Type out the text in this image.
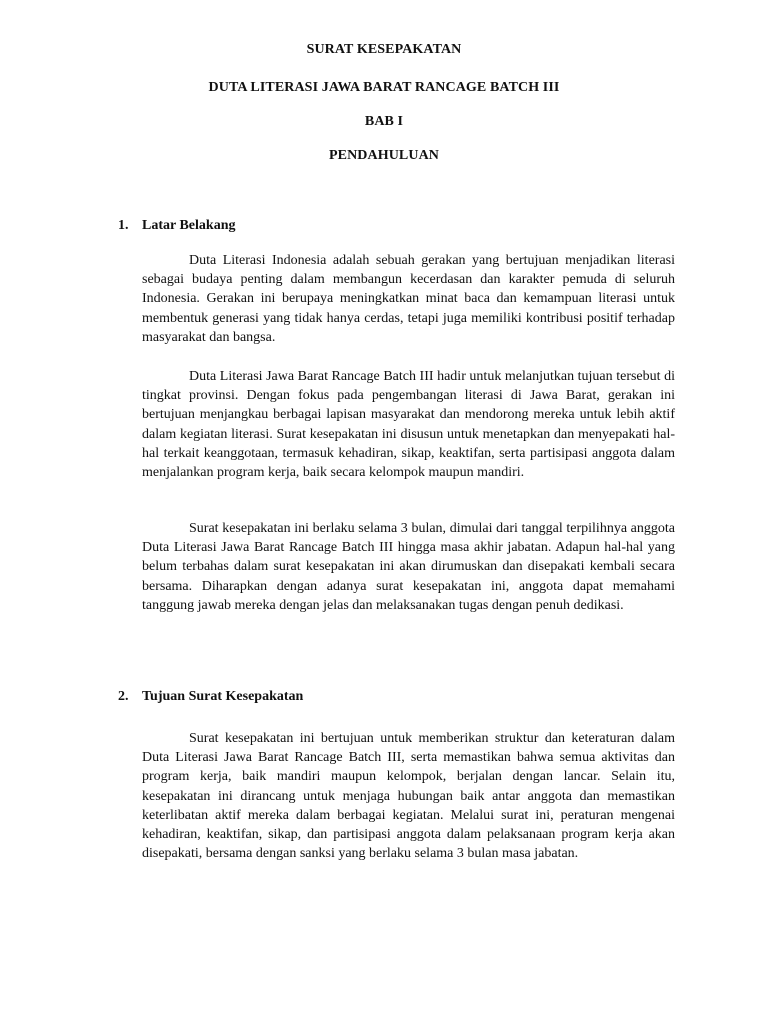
SURAT KESEPAKATAN
DUTA LITERASI JAWA BARAT RANCAGE BATCH III
BAB I
PENDAHULUAN
1. Latar Belakang

Duta Literasi Indonesia adalah sebuah gerakan yang bertujuan menjadikan literasi sebagai budaya penting dalam membangun kecerdasan dan karakter pemuda di seluruh Indonesia. Gerakan ini berupaya meningkatkan minat baca dan kemampuan literasi untuk membentuk generasi yang tidak hanya cerdas, tetapi juga memiliki kontribusi positif terhadap masyarakat dan bangsa.

Duta Literasi Jawa Barat Rancage Batch III hadir untuk melanjutkan tujuan tersebut di tingkat provinsi. Dengan fokus pada pengembangan literasi di Jawa Barat, gerakan ini bertujuan menjangkau berbagai lapisan masyarakat dan mendorong mereka untuk lebih aktif dalam kegiatan literasi. Surat kesepakatan ini disusun untuk menetapkan dan menyepakati hal-hal terkait keanggotaan, termasuk kehadiran, sikap, keaktifan, serta partisipasi anggota dalam menjalankan program kerja, baik secara kelompok maupun mandiri.

Surat kesepakatan ini berlaku selama 3 bulan, dimulai dari tanggal terpilihnya anggota Duta Literasi Jawa Barat Rancage Batch III hingga masa akhir jabatan. Adapun hal-hal yang belum terbahas dalam surat kesepakatan ini akan dirumuskan dan disepakati kembali secara bersama. Diharapkan dengan adanya surat kesepakatan ini, anggota dapat memahami tanggung jawab mereka dengan jelas dan melaksanakan tugas dengan penuh dedikasi.

2. Tujuan Surat Kesepakatan

Surat kesepakatan ini bertujuan untuk memberikan struktur dan keteraturan dalam Duta Literasi Jawa Barat Rancage Batch III, serta memastikan bahwa semua aktivitas dan program kerja, baik mandiri maupun kelompok, berjalan dengan lancar. Selain itu, kesepakatan ini dirancang untuk menjaga hubungan baik antar anggota dan memastikan keterlibatan aktif mereka dalam berbagai kegiatan. Melalui surat ini, peraturan mengenai kehadiran, keaktifan, sikap, dan partisipasi anggota dalam pelaksanaan program kerja akan disepakati, bersama dengan sanksi yang berlaku selama 3 bulan masa jabatan.
